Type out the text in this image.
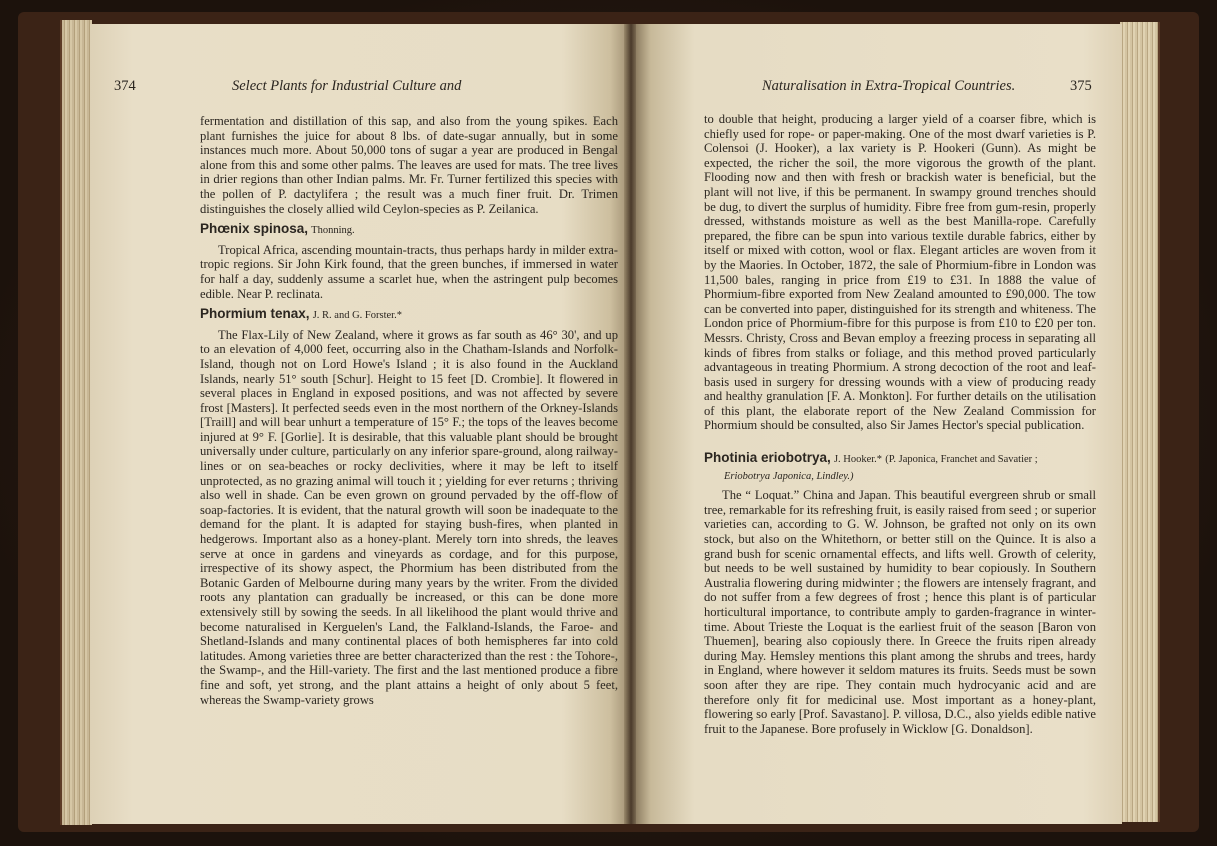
374	Select Plants for Industrial Culture and

fermentation and distillation of this sap, and also from the young spikes. Each plant furnishes the juice for about 8 lbs. of date-sugar annually, but in some instances much more. About 50,000 tons of sugar a year are produced in Bengal alone from this and some other palms. The leaves are used for mats. The tree lives in drier regions than other Indian palms. Mr. Fr. Turner fertilized this species with the pollen of P. dactylifera ; the result was a much finer fruit. Dr. Trimen distinguishes the closely allied wild Ceylon-species as P. Zeilanica.

Phœnix spinosa, Thonning.

Tropical Africa, ascending mountain-tracts, thus perhaps hardy in milder extra-tropic regions. Sir John Kirk found, that the green bunches, if immersed in water for half a day, suddenly assume a scarlet hue, when the astringent pulp becomes edible. Near P. reclinata.

Phormium tenax, J. R. and G. Forster.*

The Flax-Lily of New Zealand, where it grows as far south as 46° 30', and up to an elevation of 4,000 feet, occurring also in the Chatham-Islands and Norfolk-Island, though not on Lord Howe's Island ; it is also found in the Auckland Islands, nearly 51° south [Schur]. Height to 15 feet [D. Crombie]. It flowered in several places in England in exposed positions, and was not affected by severe frost [Masters]. It perfected seeds even in the most northern of the Orkney-Islands [Traill] and will bear unhurt a temperature of 15° F.; the tops of the leaves become injured at 9° F. [Gorlie]. It is desirable, that this valuable plant should be brought universally under culture, particularly on any inferior spare-ground, along railway-lines or on sea-beaches or rocky declivities, where it may be left to itself unprotected, as no grazing animal will touch it ; yielding for ever returns ; thriving also well in shade. Can be even grown on ground pervaded by the off-flow of soap-factories. It is evident, that the natural growth will soon be inadequate to the demand for the plant. It is adapted for staying bush-fires, when planted in hedgerows. Important also as a honey-plant. Merely torn into shreds, the leaves serve at once in gardens and vineyards as cordage, and for this purpose, irrespective of its showy aspect, the Phormium has been distributed from the Botanic Garden of Melbourne during many years by the writer. From the divided roots any plantation can gradually be increased, or this can be done more extensively still by sowing the seeds. In all likelihood the plant would thrive and become naturalised in Kerguelen's Land, the Falkland-Islands, the Faroe- and Shetland-Islands and many continental places of both hemispheres far into cold latitudes. Among varieties three are better characterized than the rest : the Tohore-, the Swamp-, and the Hill-variety. The first and the last mentioned produce a fibre fine and soft, yet strong, and the plant attains a height of only about 5 feet, whereas the Swamp-variety grows

Naturalisation in Extra-Tropical Countries.	375

to double that height, producing a larger yield of a coarser fibre, which is chiefly used for rope- or paper-making. One of the most dwarf varieties is P. Colensoi (J. Hooker), a lax variety is P. Hookeri (Gunn). As might be expected, the richer the soil, the more vigorous the growth of the plant. Flooding now and then with fresh or brackish water is beneficial, but the plant will not live, if this be permanent. In swampy ground trenches should be dug, to divert the surplus of humidity. Fibre free from gum-resin, properly dressed, withstands moisture as well as the best Manilla-rope. Carefully prepared, the fibre can be spun into various textile durable fabrics, either by itself or mixed with cotton, wool or flax. Elegant articles are woven from it by the Maories. In October, 1872, the sale of Phormium-fibre in London was 11,500 bales, ranging in price from £19 to £31. In 1888 the value of Phormium-fibre exported from New Zealand amounted to £90,000. The tow can be converted into paper, distinguished for its strength and whiteness. The London price of Phormium-fibre for this purpose is from £10 to £20 per ton. Messrs. Christy, Cross and Bevan employ a freezing process in separating all kinds of fibres from stalks or foliage, and this method proved particularly advantageous in treating Phormium. A strong decoction of the root and leaf-basis used in surgery for dressing wounds with a view of producing ready and healthy granulation [F. A. Monkton]. For further details on the utilisation of this plant, the elaborate report of the New Zealand Commission for Phormium should be consulted, also Sir James Hector's special publication.

Photinia eriobotrya, J. Hooker.* (P. Japonica, Franchet and Savatier ;
Eriobotrya Japonica, Lindley.)

The “ Loquat.” China and Japan. This beautiful evergreen shrub or small tree, remarkable for its refreshing fruit, is easily raised from seed ; or superior varieties can, according to G. W. Johnson, be grafted not only on its own stock, but also on the Whitethorn, or better still on the Quince. It is also a grand bush for scenic ornamental effects, and lifts well. Growth of celerity, but needs to be well sustained by humidity to bear copiously. In Southern Australia flowering during midwinter ; the flowers are intensely fragrant, and do not suffer from a few degrees of frost ; hence this plant is of particular horticultural importance, to contribute amply to garden-fragrance in winter-time. About Trieste the Loquat is the earliest fruit of the season [Baron von Thuemen], bearing also copiously there. In Greece the fruits ripen already during May. Hemsley mentions this plant among the shrubs and trees, hardy in England, where however it seldom matures its fruits. Seeds must be sown soon after they are ripe. They contain much hydrocyanic acid and are therefore only fit for medicinal use. Most important as a honey-plant, flowering so early [Prof. Savastano]. P. villosa, D.C., also yields edible native fruit to the Japanese. Bore profusely in Wicklow [G. Donaldson].
